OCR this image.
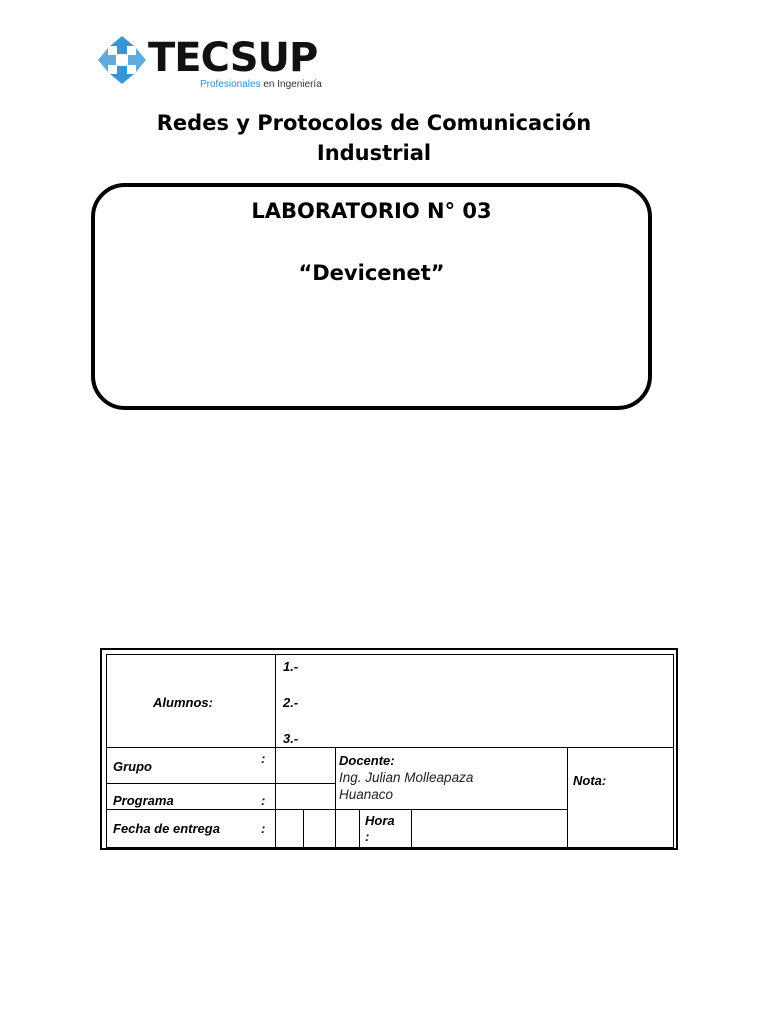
TECSUP
Profesionales en Ingeniería
Redes y Protocolos de Comunicación
Industrial
LABORATORIO N° 03
“Devicenet”
Alumnos:
1.-
2.-
3.-
Grupo
:
Programa	:
Fecha de entrega	:
Docente:
Ing. Julian Molleapaza Huanaco
Nota:
Hora
:
